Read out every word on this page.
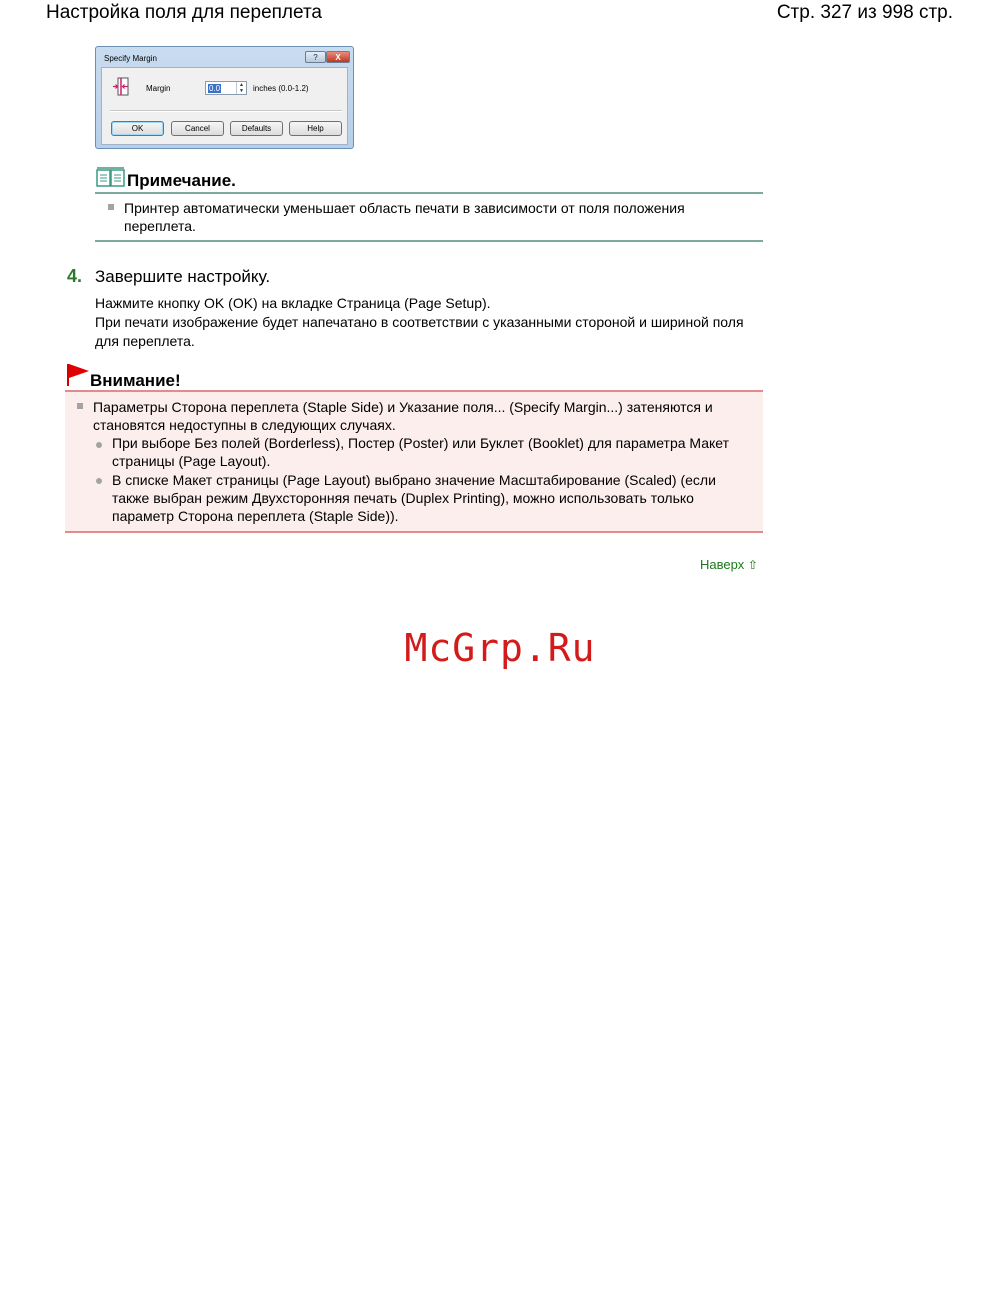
Настройка поля для переплета	Стр. 327 из 998 стр.
Specify Margin	?	X
Margin	0.0	▲
▼ inches (0.0-1.2)
OK	Cancel	Defaults	Help
Примечание.
Принтер автоматически уменьшает область печати в зависимости от поля положения переплета.
4. Завершите настройку.

Нажмите кнопку OK (OK) на вкладке Страница (Page Setup).

При печати изображение будет напечатано в соответствии с указанными стороной и шириной поля для переплета.

Внимание!
Параметры Сторона переплета (Staple Side) и Указание поля... (Specify Margin...) затеняются и становятся недоступны в следующих случаях.
При выборе Без полей (Borderless), Постер (Poster) или Буклет (Booklet) для параметра Макет страницы (Page Layout).
В списке Макет страницы (Page Layout) выбрано значение Масштабирование (Scaled) (если также выбран режим Двухсторонняя печать (Duplex Printing), можно использовать только параметр Сторона переплета (Staple Side)).
Наверх ⇧
McGrp.Ru
